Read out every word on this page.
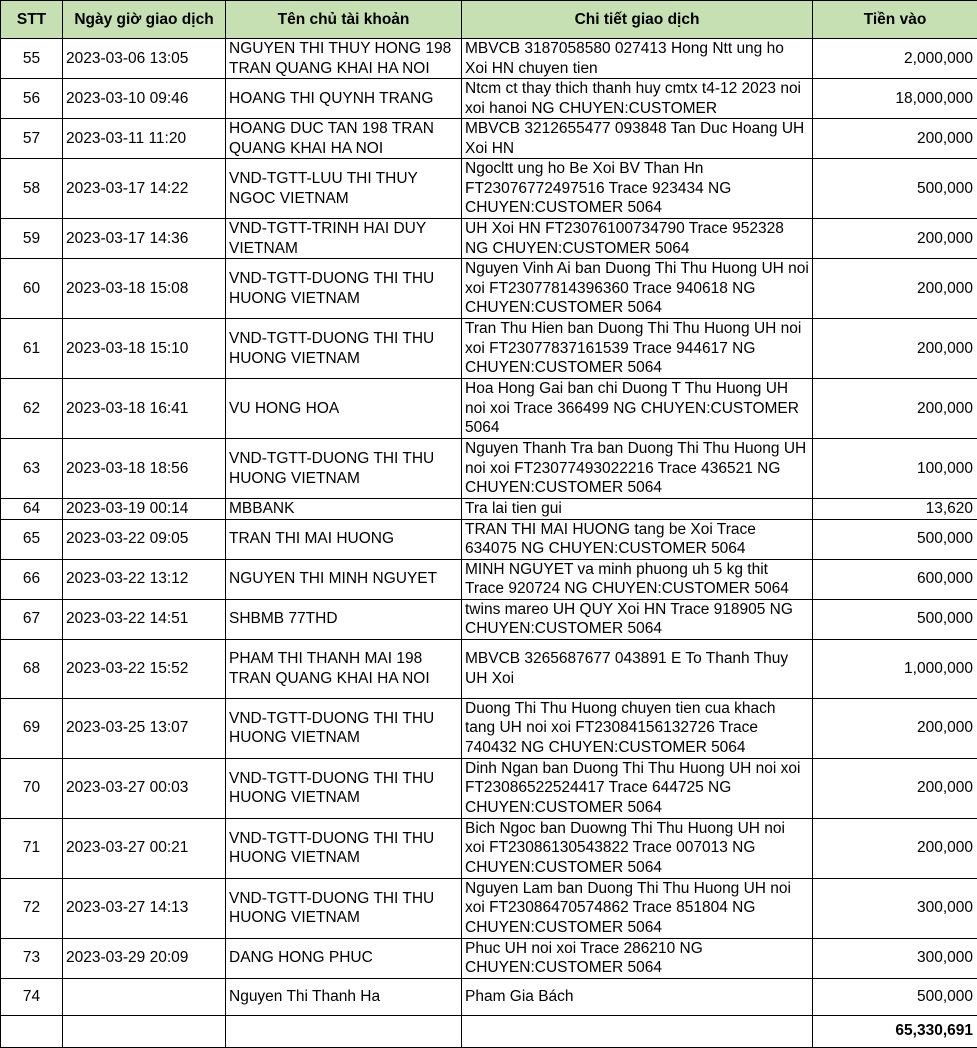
STT	Ngày giờ giao dịch	Tên chủ tài khoản	Chi tiết giao dịch	Tiền vào
55	2023-03-06 13:05	NGUYEN THI THUY HONG 198 TRAN QUANG KHAI HA NOI	MBVCB 3187058580 027413 Hong Ntt ung ho Xoi HN chuyen tien	2,000,000
56	2023-03-10 09:46	HOANG THI QUYNH TRANG	Ntcm ct thay thich thanh huy cmtx t4-12 2023 noi xoi hanoi NG CHUYEN:CUSTOMER	18,000,000
57	2023-03-11 11:20	HOANG DUC TAN 198 TRAN QUANG KHAI HA NOI	MBVCB 3212655477 093848 Tan Duc Hoang UH Xoi HN	200,000
58	2023-03-17 14:22	VND-TGTT-LUU THI THUY NGOC VIETNAM	Ngocltt ung ho Be Xoi BV Than Hn FT23076772497516 Trace 923434 NG CHUYEN:CUSTOMER 5064	500,000
59	2023-03-17 14:36	VND-TGTT-TRINH HAI DUY VIETNAM	UH Xoi HN FT23076100734790 Trace 952328 NG CHUYEN:CUSTOMER 5064	200,000
60	2023-03-18 15:08	VND-TGTT-DUONG THI THU HUONG VIETNAM	Nguyen Vinh Ai ban Duong Thi Thu Huong UH noi xoi FT23077814396360 Trace 940618 NG CHUYEN:CUSTOMER 5064	200,000
61	2023-03-18 15:10	VND-TGTT-DUONG THI THU HUONG VIETNAM	Tran Thu Hien ban Duong Thi Thu Huong UH noi xoi FT23077837161539 Trace 944617 NG CHUYEN:CUSTOMER 5064	200,000
62	2023-03-18 16:41	VU HONG HOA	Hoa Hong Gai ban chi Duong T Thu Huong UH noi xoi Trace 366499 NG CHUYEN:CUSTOMER 5064	200,000
63	2023-03-18 18:56	VND-TGTT-DUONG THI THU HUONG VIETNAM	Nguyen Thanh Tra ban Duong Thi Thu Huong UH noi xoi FT23077493022216 Trace 436521 NG CHUYEN:CUSTOMER 5064	100,000
64	2023-03-19 00:14	MBBANK	Tra lai tien gui	13,620
65	2023-03-22 09:05	TRAN THI MAI HUONG	TRAN THI MAI HUONG tang be Xoi Trace 634075 NG CHUYEN:CUSTOMER 5064	500,000
66	2023-03-22 13:12	NGUYEN THI MINH NGUYET	MINH NGUYET va minh phuong uh 5 kg thit Trace 920724 NG CHUYEN:CUSTOMER 5064	600,000
67	2023-03-22 14:51	SHBMB 77THD	twins mareo UH QUY Xoi HN Trace 918905 NG CHUYEN:CUSTOMER 5064	500,000
68	2023-03-22 15:52	PHAM THI THANH MAI 198 TRAN QUANG KHAI HA NOI	MBVCB 3265687677 043891 E To Thanh Thuy UH Xoi	1,000,000
69	2023-03-25 13:07	VND-TGTT-DUONG THI THU HUONG VIETNAM	Duong Thi Thu Huong chuyen tien cua khach tang UH noi xoi FT23084156132726 Trace 740432 NG CHUYEN:CUSTOMER 5064	200,000
70	2023-03-27 00:03	VND-TGTT-DUONG THI THU HUONG VIETNAM	Dinh Ngan ban Duong Thi Thu Huong UH noi xoi FT23086522524417 Trace 644725 NG CHUYEN:CUSTOMER 5064	200,000
71	2023-03-27 00:21	VND-TGTT-DUONG THI THU HUONG VIETNAM	Bich Ngoc ban Duowng Thi Thu Huong UH noi xoi FT23086130543822 Trace 007013 NG CHUYEN:CUSTOMER 5064	200,000
72	2023-03-27 14:13	VND-TGTT-DUONG THI THU HUONG VIETNAM	Nguyen Lam ban Duong Thi Thu Huong UH noi xoi FT23086470574862 Trace 851804 NG CHUYEN:CUSTOMER 5064	300,000
73	2023-03-29 20:09	DANG HONG PHUC	Phuc UH noi xoi Trace 286210 NG CHUYEN:CUSTOMER 5064	300,000
74		Nguyen Thi Thanh Ha	Pham Gia Bách	500,000
				65,330,691
